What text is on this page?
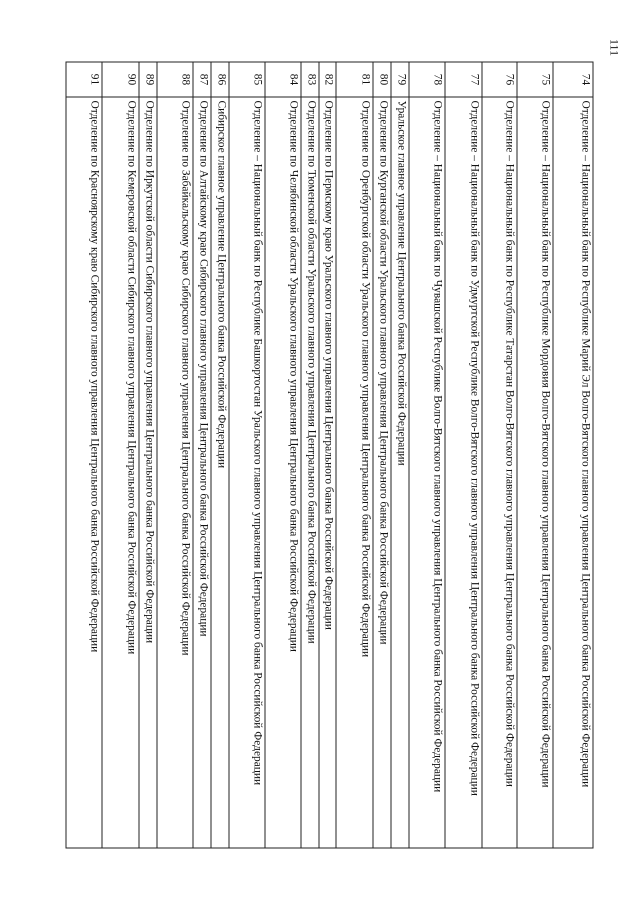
111
74	Отделение – Национальный банк по Республике Марий Эл Волго-Вятского главного управления Центрального банка Российской Федерации
75	Отделение – Национальный банк по Республике Мордовия Волго-Вятского главного управления Центрального банка Российской Федерации
76	Отделение – Национальный банк по Республике Татарстан Волго-Вятского главного управления Центрального банка Российской Федерации
77	Отделение – Национальный банк по Удмуртской Республике Волго-Вятского главного управления Центрального банка Российской Федерации
78	Отделение – Национальный банк по Чувашской Республике Волго-Вятского главного управления Центрального банка Российской Федерации
79	Уральское главное управление Центрального банка Российской Федерации
80	Отделение по Курганской области Уральского главного управления Центрального банка Российской Федерации
81	Отделение по Оренбургской области Уральского главного управления Центрального банка Российской Федерации
82	Отделение по Пермскому краю Уральского главного управления Центрального банка Российской Федерации
83	Отделение по Тюменской области Уральского главного управления Центрального банка Российской Федерации
84	Отделение по Челябинской области Уральского главного управления Центрального банка Российской Федерации
85	Отделение – Национальный банк по Республике Башкортостан Уральского главного управления Центрального банка Российской Федерации
86	Сибирское главное управление Центрального банка Российской Федерации
87	Отделение по Алтайскому краю Сибирского главного управления Центрального банка Российской Федерации
88	Отделение по Забайкальскому краю Сибирского главного управления Центрального банка Российской Федерации
89	Отделение по Иркутской области Сибирского главного управления Центрального банка Российской Федерации
90	Отделение по Кемеровской области Сибирского главного управления Центрального банка Российской Федерации
91	Отделение по Красноярскому краю Сибирского главного управления Центрального банка Российской Федерации
